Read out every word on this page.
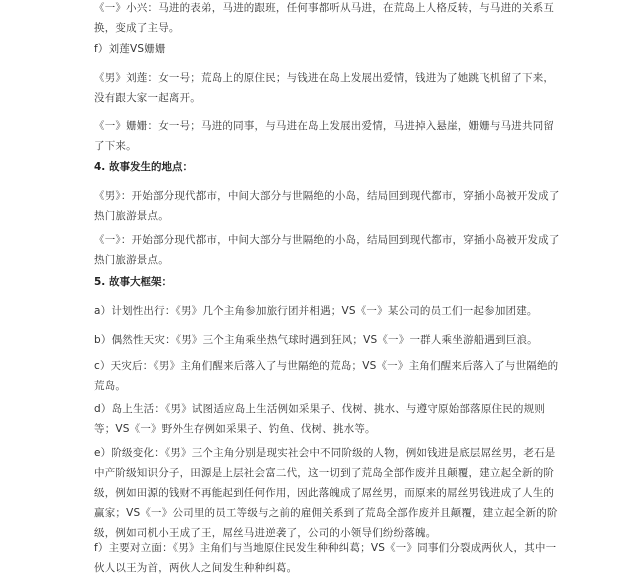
《一》小兴：马进的表弟，马进的跟班，任何事都听从马进，在荒岛上人格反转，与马进的关系互换，变成了主导。

f）刘莲VS姗姗

《男》刘莲：女一号；荒岛上的原住民；与钱进在岛上发展出爱情，钱进为了她跳飞机留了下来，没有跟大家一起离开。

《一》姗姗：女一号；马进的同事，与马进在岛上发展出爱情，马进掉入悬崖，姗姗与马进共同留了下来。

4. 故事发生的地点：

《男》：开始部分现代都市，中间大部分与世隔绝的小岛，结局回到现代都市，穿插小岛被开发成了热门旅游景点。

《一》：开始部分现代都市，中间大部分与世隔绝的小岛，结局回到现代都市，穿插小岛被开发成了热门旅游景点。

5. 故事大框架：

a）计划性出行：《男》几个主角参加旅行团并相遇；VS《一》某公司的员工们一起参加团建。

b）偶然性天灾：《男》三个主角乘坐热气球时遇到狂风；VS《一》一群人乘坐游船遇到巨浪。

c）天灾后：《男》主角们醒来后落入了与世隔绝的荒岛；VS《一》主角们醒来后落入了与世隔绝的荒岛。

d）岛上生活：《男》试图适应岛上生活例如采果子、伐树、挑水、与遵守原始部落原住民的规则等；VS《一》野外生存例如采果子、钓鱼、伐树、挑水等。

e）阶级变化：《男》三个主角分别是现实社会中不同阶级的人物，例如钱进是底层屌丝男，老石是中产阶级知识分子，田源是上层社会富二代，这一切到了荒岛全部作废并且颠覆，建立起全新的阶级，例如田源的钱财不再能起到任何作用，因此落魄成了屌丝男，而原来的屌丝男钱进成了人生的赢家；VS《一》公司里的员工等级与之前的雇佣关系到了荒岛全部作废并且颠覆，建立起全新的阶级，例如司机小王成了王，屌丝马进逆袭了，公司的小领导们纷纷落魄。

f）主要对立面：《男》主角们与当地原住民发生种种纠葛；VS《一》同事们分裂成两伙人，其中一伙人以王为首，两伙人之间发生种种纠葛。
